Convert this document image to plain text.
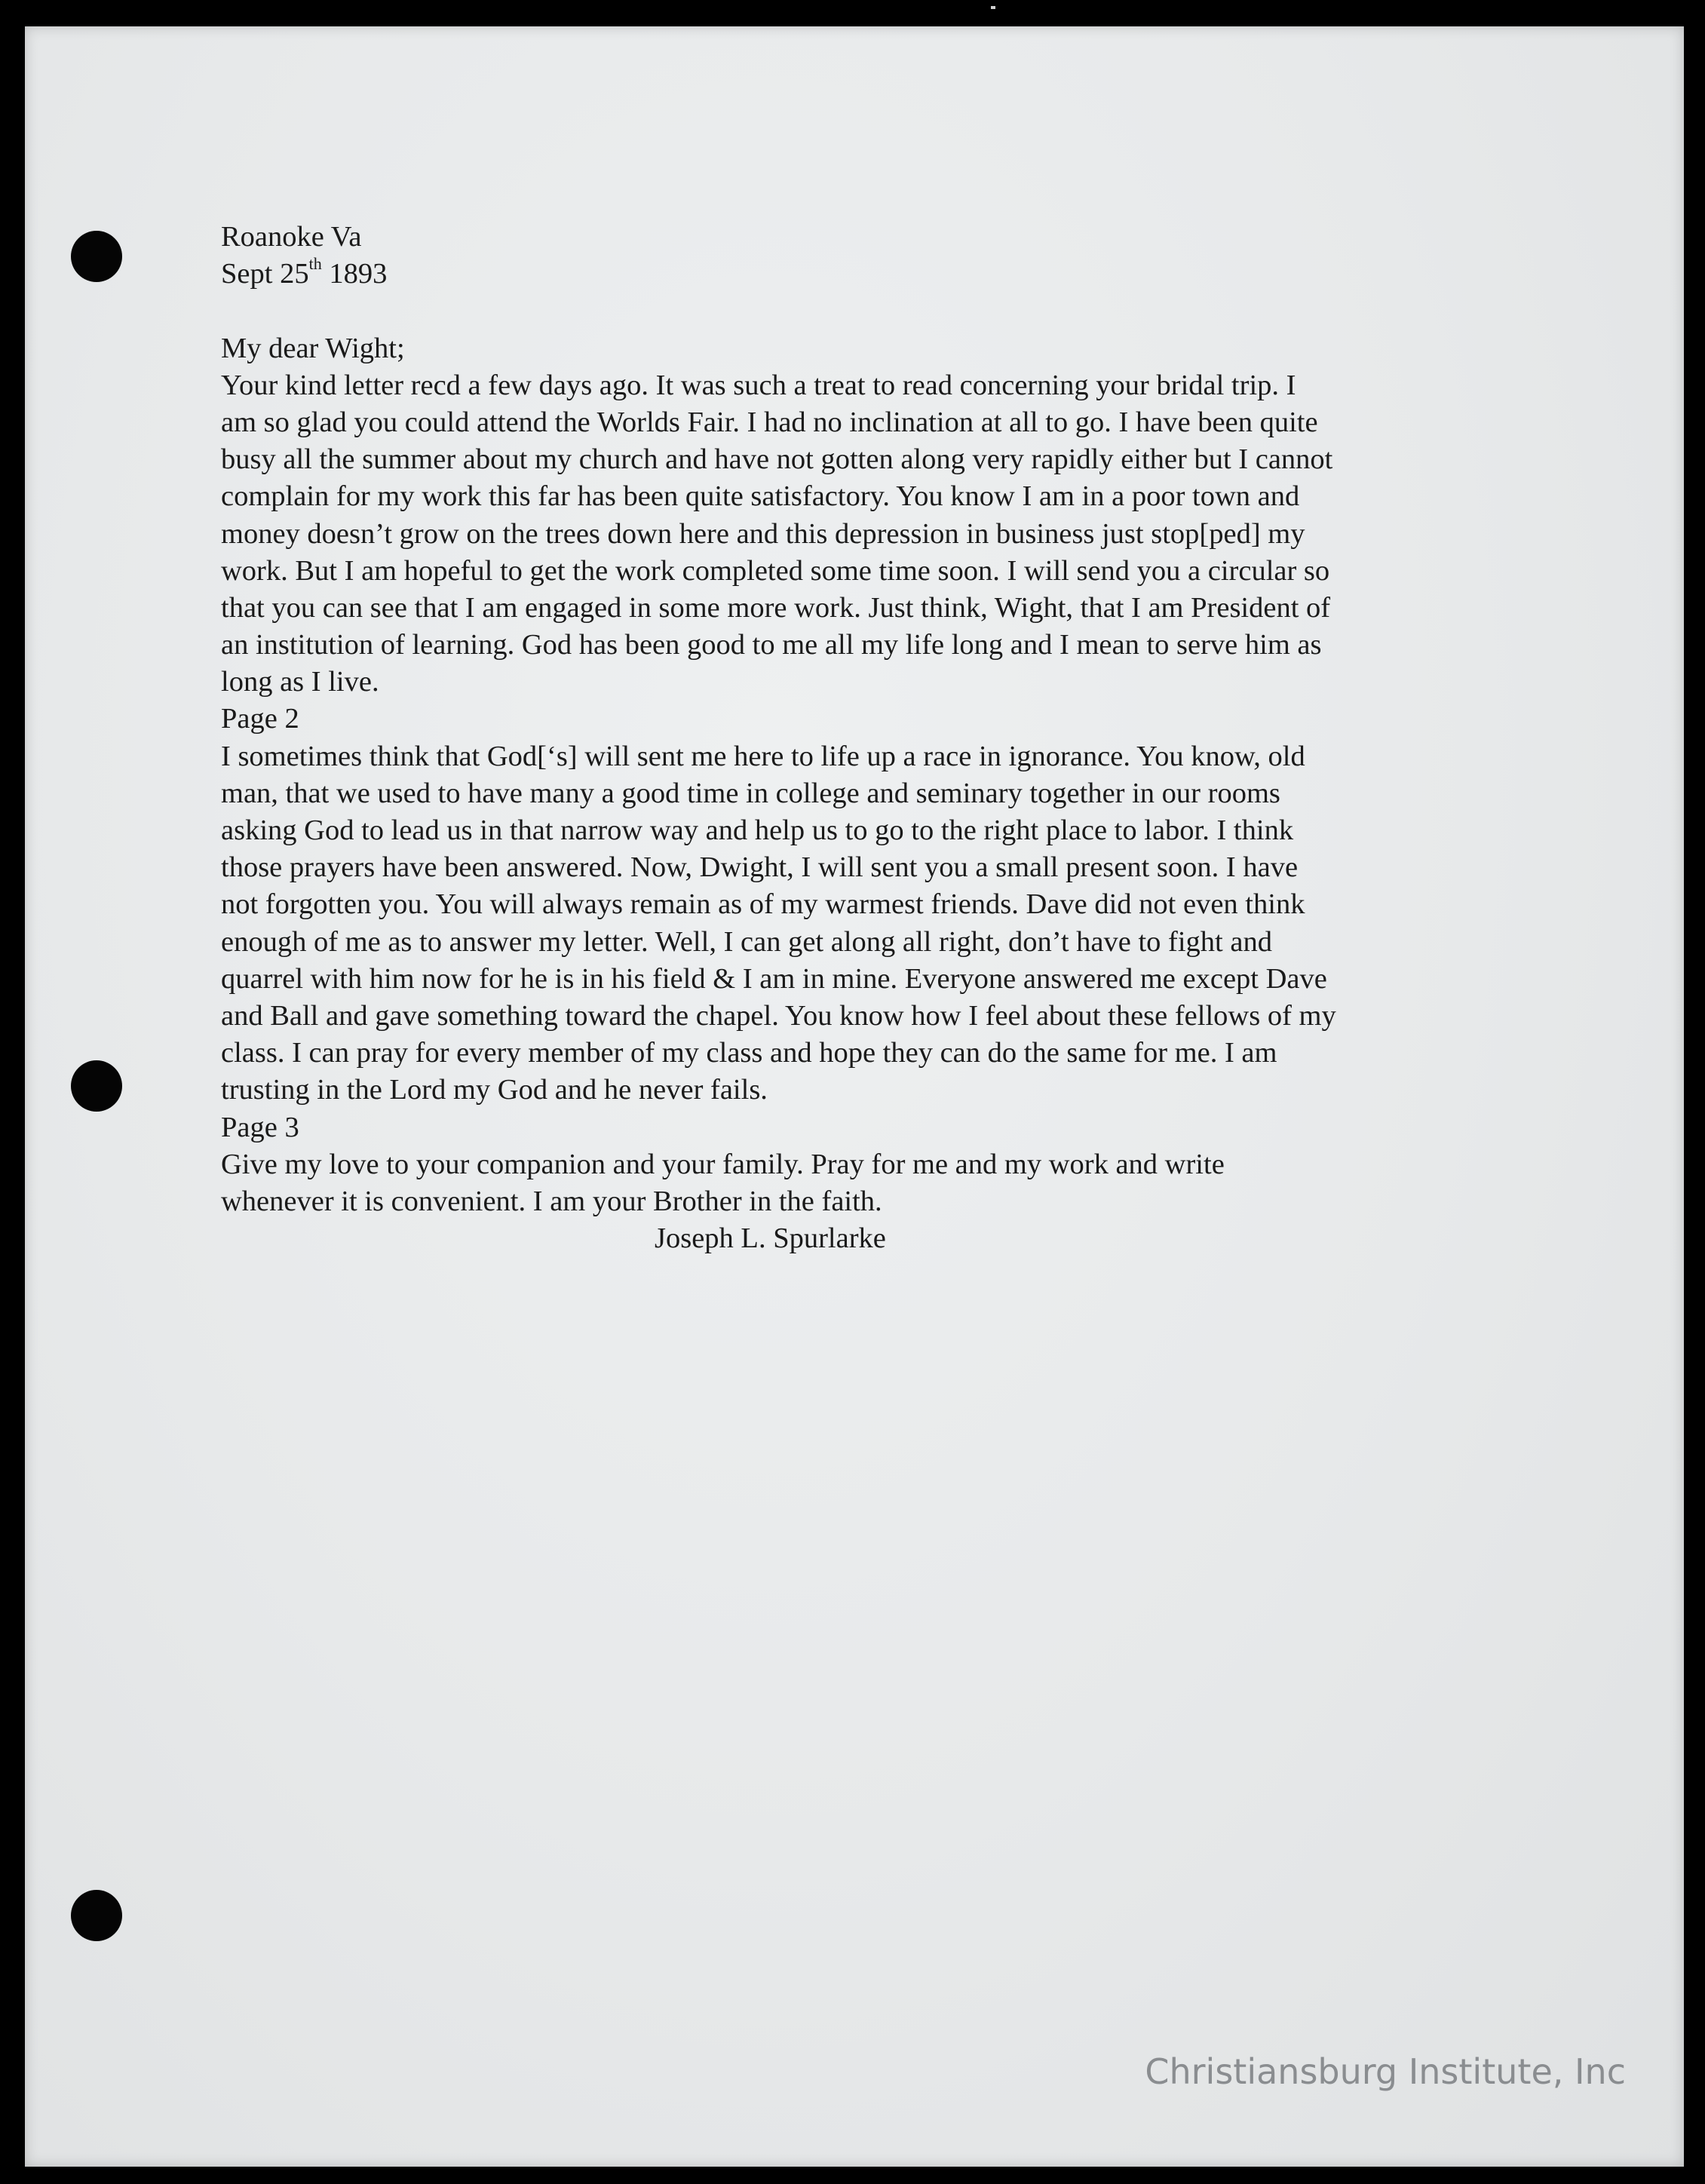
Roanoke Va
Sept 25th 1893
My dear Wight;
Your kind letter recd a few days ago. It was such a treat to read concerning your bridal trip. I
am so glad you could attend the Worlds Fair. I had no inclination at all to go. I have been quite
busy all the summer about my church and have not gotten along very rapidly either but I cannot
complain for my work this far has been quite satisfactory. You know I am in a poor town and
money doesn’t grow on the trees down here and this depression in business just stop[ped] my
work. But I am hopeful to get the work completed some time soon. I will send you a circular so
that you can see that I am engaged in some more work. Just think, Wight, that I am President of
an institution of learning. God has been good to me all my life long and I mean to serve him as
long as I live.
Page 2
I sometimes think that God[‘s] will sent me here to life up a race in ignorance. You know, old
man, that we used to have many a good time in college and seminary together in our rooms
asking God to lead us in that narrow way and help us to go to the right place to labor. I think
those prayers have been answered. Now, Dwight, I will sent you a small present soon. I have
not forgotten you. You will always remain as of my warmest friends. Dave did not even think
enough of me as to answer my letter. Well, I can get along all right, don’t have to fight and
quarrel with him now for he is in his field & I am in mine. Everyone answered me except Dave
and Ball and gave something toward the chapel. You know how I feel about these fellows of my
class. I can pray for every member of my class and hope they can do the same for me. I am
trusting in the Lord my God and he never fails.
Page 3
Give my love to your companion and your family. Pray for me and my work and write
whenever it is convenient. I am your Brother in the faith.
Joseph L. Spurlarke
Christiansburg Institute, Inc
